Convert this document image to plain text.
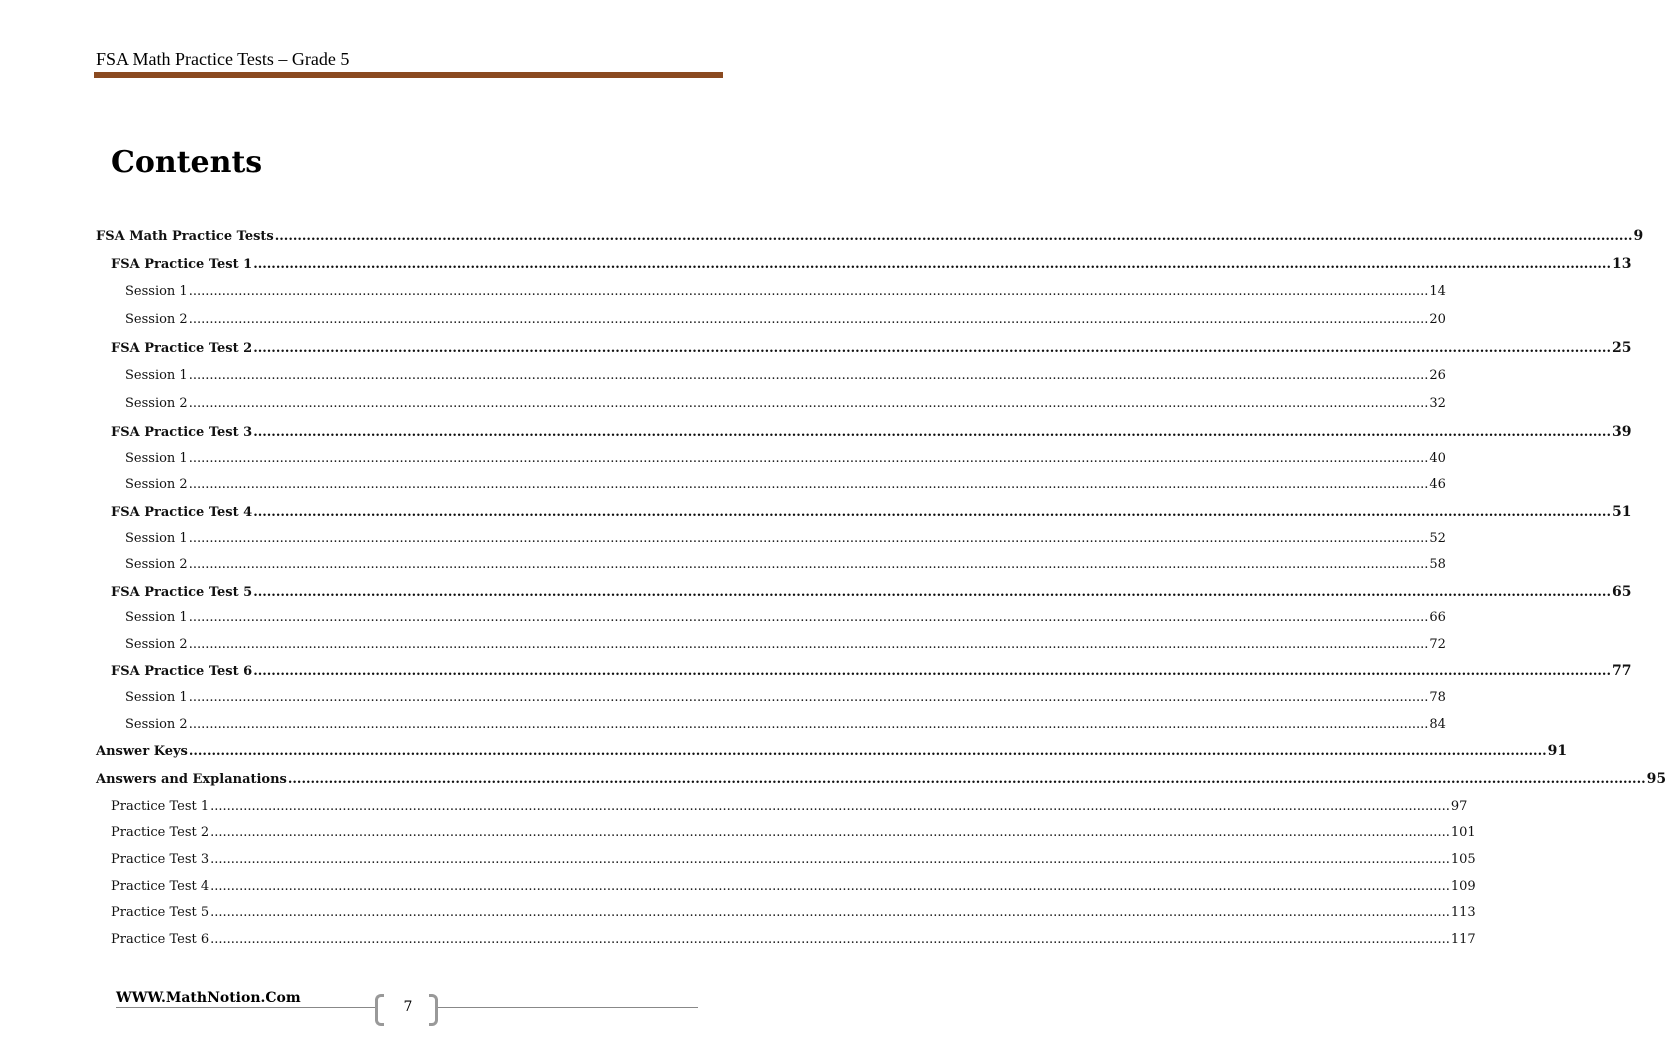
FSA Math Practice Tests – Grade 5
Contents
FSA Math Practice Tests ............................................................................................................................................................................................................................................................................................................ 9
FSA Practice Test 1 ............................................................................................................................................................................................................................................................................................................ 13
Session 1 ............................................................................................................................................................................................................................................................................................................ 14
Session 2 ............................................................................................................................................................................................................................................................................................................ 20
FSA Practice Test 2 ............................................................................................................................................................................................................................................................................................................ 25
Session 1 ............................................................................................................................................................................................................................................................................................................ 26
Session 2 ............................................................................................................................................................................................................................................................................................................ 32
FSA Practice Test 3 ............................................................................................................................................................................................................................................................................................................ 39
Session 1 ............................................................................................................................................................................................................................................................................................................ 40
Session 2 ............................................................................................................................................................................................................................................................................................................ 46
FSA Practice Test 4 ............................................................................................................................................................................................................................................................................................................ 51
Session 1 ............................................................................................................................................................................................................................................................................................................ 52
Session 2 ............................................................................................................................................................................................................................................................................................................ 58
FSA Practice Test 5 ............................................................................................................................................................................................................................................................................................................ 65
Session 1 ............................................................................................................................................................................................................................................................................................................ 66
Session 2 ............................................................................................................................................................................................................................................................................................................ 72
FSA Practice Test 6 ............................................................................................................................................................................................................................................................................................................ 77
Session 1 ............................................................................................................................................................................................................................................................................................................ 78
Session 2 ............................................................................................................................................................................................................................................................................................................ 84
Answer Keys ............................................................................................................................................................................................................................................................................................................ 91
Answers and Explanations ............................................................................................................................................................................................................................................................................................................ 95
Practice Test 1 ............................................................................................................................................................................................................................................................................................................ 97
Practice Test 2 ............................................................................................................................................................................................................................................................................................................ 101
Practice Test 3 ............................................................................................................................................................................................................................................................................................................ 105
Practice Test 4 ............................................................................................................................................................................................................................................................................................................ 109
Practice Test 5 ............................................................................................................................................................................................................................................................................................................ 113
Practice Test 6 ............................................................................................................................................................................................................................................................................................................ 117
WWW.MathNotion.Com
7
